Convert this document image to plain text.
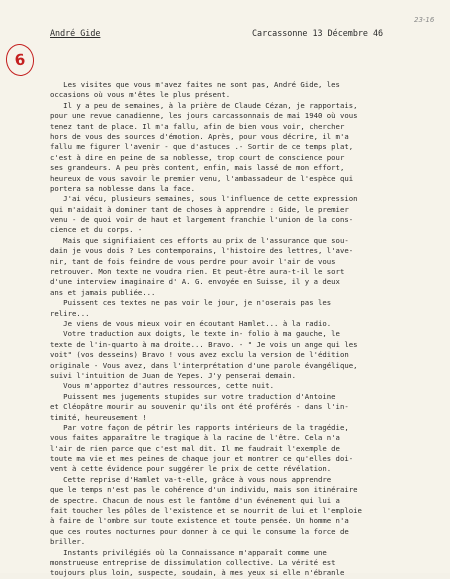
23-16
André Gide	Carcassonne 13 Décembre 46
6
Les visites que vous m'avez faites ne sont pas, André Gide, les
occasions où vous m'êtes le plus présent.
Il y a peu de semaines, à la prière de Claude Cézan, je rapportais,
pour une revue canadienne, les jours carcassonnais de mai 1940 où vous
tenez tant de place. Il m'a fallu, afin de bien vous voir, chercher
hors de vous des sources d'émotion. Après, pour vous décrire, il m'a
fallu me figurer l'avenir - que d'astuces .- Sortir de ce temps plat,
c'est à dire en peine de sa noblesse, trop court de conscience pour
ses grandeurs. A peu près content, enfin, mais lassé de mon effort,
heureux de vous savoir le premier venu, l'ambassadeur de l'espèce qui
portera sa noblesse dans la face.
J'ai vécu, plusieurs semaines, sous l'influence de cette expression
qui m'aidait à dominer tant de choses à apprendre : Gide, le premier
venu - de quoi voir de haut et largement franchie l'union de la cons-
cience et du corps. -
Mais que signifiaient ces efforts au prix de l'assurance que sou-
dain je vous dois ? Les contemporains, l'histoire des lettres, l'ave-
nir, tant de fois feindre de vous perdre pour avoir l'air de vous
retrouver. Mon texte ne voudra rien. Et peut-être aura-t-il le sort
d'une interview imaginaire d' A. G. envoyée en Suisse, il y a deux
ans et jamais publiée...
Puissent ces textes ne pas voir le jour, je n'oserais pas les
relire...
Je viens de vous mieux voir en écoutant Hamlet... à la radio.
Votre traduction aux doigts, le texte in- folio à ma gauche, le
texte de l'in-quarto à ma droite... Bravo. - " Je vois un ange qui les
voit" (vos desseins) Bravo ! vous avez exclu la version de l'édition
originale - Vous avez, dans l'interprétation d'une parole évangélique,
suivi l'intuition de Juan de Yepes. J'y penserai demain.
Vous m'apportez d'autres ressources, cette nuit.
Puissent mes jugements stupides sur votre traduction d'Antoine
et Cléopâtre mourir au souvenir qu'ils ont été proférés - dans l'in-
timité, heureusement !
Par votre façon de pétrir les rapports intérieurs de la tragédie,
vous faites apparaître le tragique à la racine de l'être. Cela n'a
l'air de rien parce que c'est mal dit. Il me faudrait l'exemple de
toute ma vie et mes peines de chaque jour et montrer ce qu'elles doi-
vent à cette évidence pour suggérer le prix de cette révélation.
Cette reprise d'Hamlet va-t-elle, grâce à vous nous apprendre
que le temps n'est pas le cohérence d'un individu, mais son itinéraire
de spectre. Chacun de nous est le fantôme d'un événement qui lui a
fait toucher les pôles de l'existence et se nourrit de lui et l'emploie
à faire de l'ombre sur toute existence et toute pensée. Un homme n'a
que ces routes nocturnes pour donner à ce qui le consume la force de
briller.
Instants privilégiés où la Connaissance m'apparaît comme une
monstrueuse entreprise de dissimulation collective. La vérité est
toujours plus loin, suspecte, soudain, à mes yeux si elle n'ébranle
